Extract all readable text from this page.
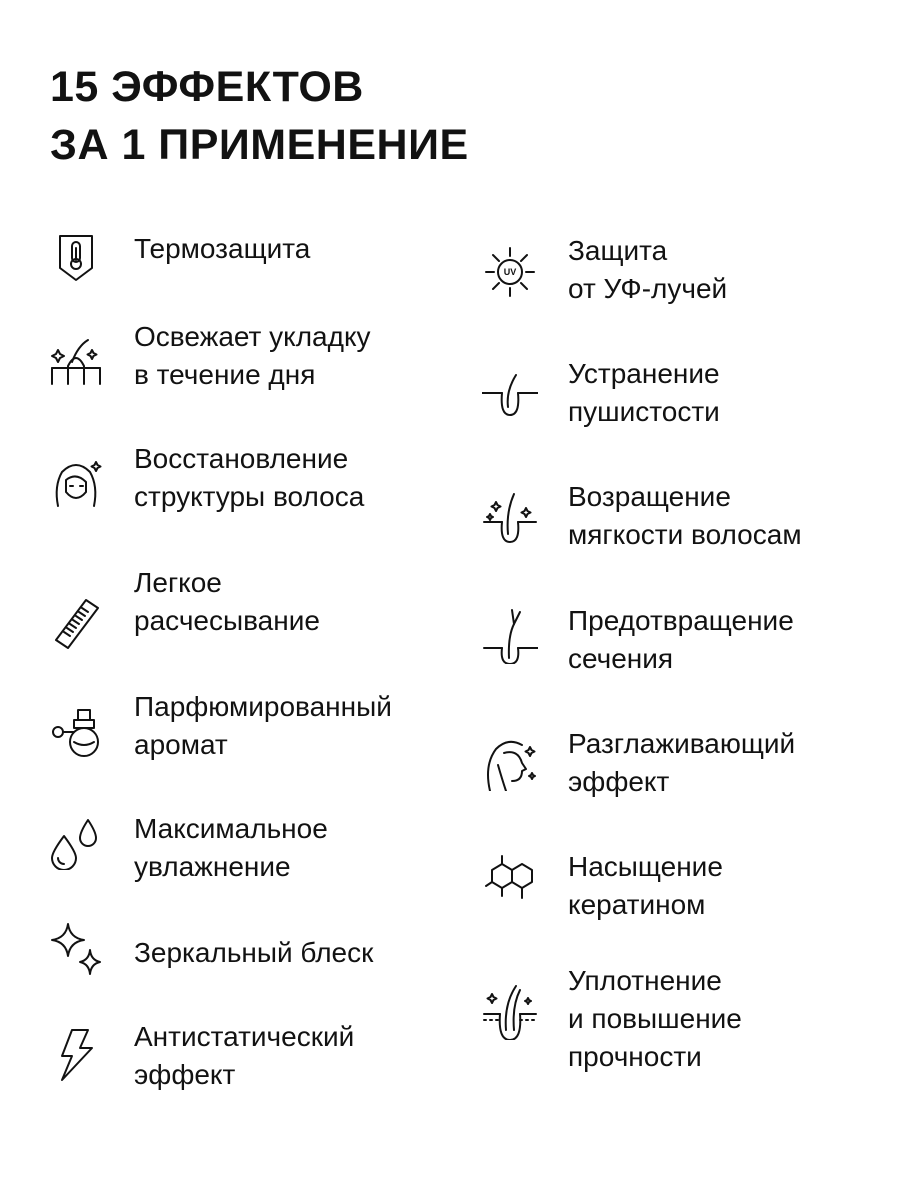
15 ЭФФЕКТОВ
ЗА 1 ПРИМЕНЕНИЕ
Термозащита
Освежает укладку
в течение дня
Восстановление
структуры волоса
Легкое
расчесывание
Парфюмированный
аромат
Максимальное
увлажнение
Зеркальный блеск
Антистатический
эффект
UV
Защита
от УФ-лучей
Устранение
пушистости
Возращение
мягкости волосам
Предотвращение
сечения
Разглаживающий
эффект
Насыщение
кератином
Уплотнение
и повышение
прочности
